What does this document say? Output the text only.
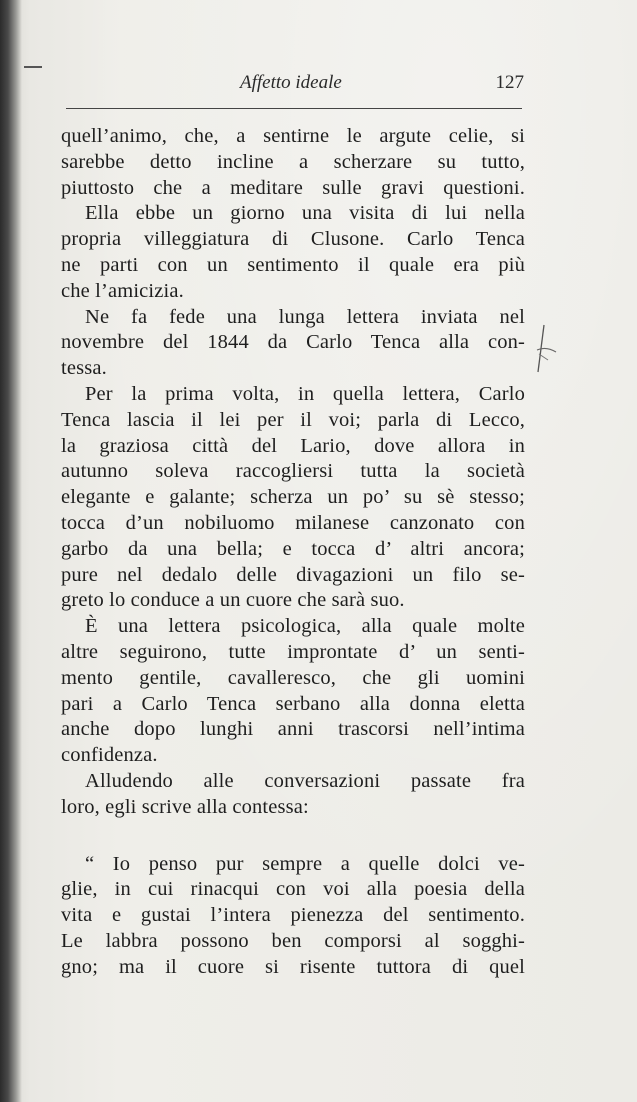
Affetto ideale	127
quell’animo, che, a sentirne le argute celie, si
sarebbe detto incline a scherzare su tutto,
piuttosto che a meditare sulle gravi questioni.
Ella ebbe un giorno una visita di lui nella
propria villeggiatura di Clusone. Carlo Tenca
ne parti con un sentimento il quale era più
che l’amicizia.
Ne fa fede una lunga lettera inviata nel
novembre del 1844 da Carlo Tenca alla con-
tessa.
Per la prima volta, in quella lettera, Carlo
Tenca lascia il lei per il voi; parla di Lecco,
la graziosa città del Lario, dove allora in
autunno soleva raccogliersi tutta la società
elegante e galante; scherza un po’ su sè stesso;
tocca d’un nobiluomo milanese canzonato con
garbo da una bella; e tocca d’ altri ancora;
pure nel dedalo delle divagazioni un filo se-
greto lo conduce a un cuore che sarà suo.
È una lettera psicologica, alla quale molte
altre seguirono, tutte improntate d’ un senti-
mento gentile, cavalleresco, che gli uomini
pari a Carlo Tenca serbano alla donna eletta
anche dopo lunghi anni trascorsi nell’intima
confidenza.
Alludendo alle conversazioni passate fra
loro, egli scrive alla contessa:
“ Io penso pur sempre a quelle dolci ve-
glie, in cui rinacqui con voi alla poesia della
vita e gustai l’intera pienezza del sentimento.
Le labbra possono ben comporsi al sogghi-
gno; ma il cuore si risente tuttora di quel
